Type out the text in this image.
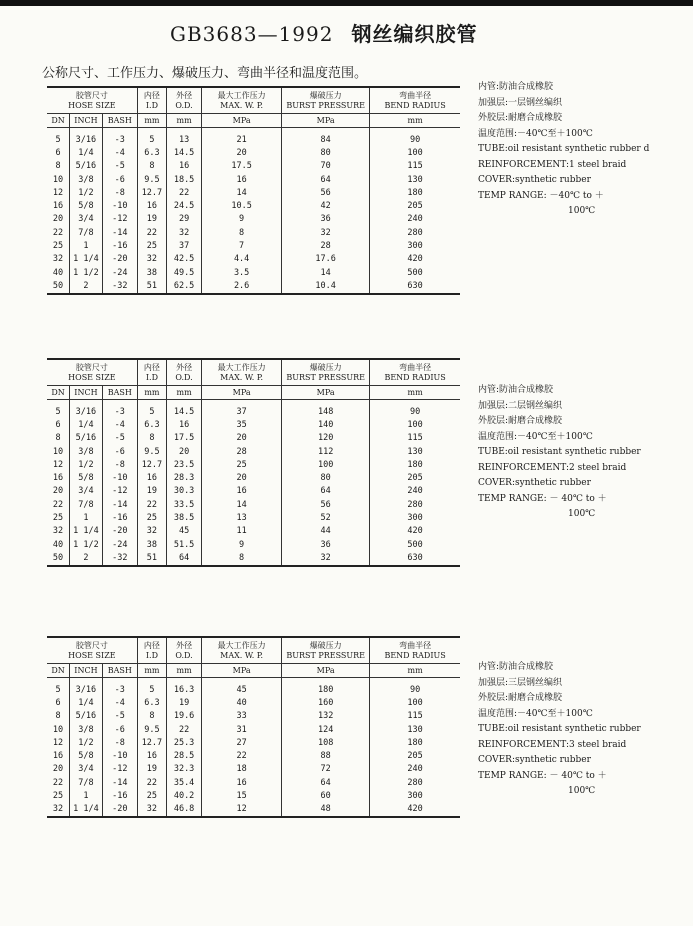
GB3683—1992 钢丝编织胶管
公称尺寸、工作压力、爆破压力、弯曲半径和温度范围。
胶管尺寸			内径	外径	最大工作压力	爆破压力	弯曲半径
HOSE SIZE			I.D	O.D.	MAX. W. P.	BURST PRESSURE	BEND RADIUS
DN	INCH	BASH	mm	mm	MPa	MPa	mm

5	3/16	-3	5	13	21	84	90
6	1/4	-4	6.3	14.5	20	80	100
8	5/16	-5	8	16	17.5	70	115
10	3/8	-6	9.5	18.5	16	64	130
12	1/2	-8	12.7	22	14	56	180
16	5/8	-10	16	24.5	10.5	42	205
20	3/4	-12	19	29	9	36	240
22	7/8	-14	22	32	8	32	280
25	1	-16	25	37	7	28	300
32	1 1/4	-20	32	42.5	4.4	17.6	420
40	1 1/2	-24	38	49.5	3.5	14	500
50	2	-32	51	62.5	2.6	10.4	630
内管:防油合成橡胶
加强层:一层钢丝编织
外胶层:耐磨合成橡胶
温度范围:－40℃至＋100℃
TUBE:oil resistant synthetic rubber d
REINFORCEMENT:1 steel braid
COVER:synthetic rubber
TEMP RANGE: －40℃ to ＋
100℃
胶管尺寸			内径	外径	最大工作压力	爆破压力	弯曲半径
HOSE SIZE			I.D	O.D.	MAX. W. P.	BURST PRESSURE	BEND RADIUS
DN	INCH	BASH	mm	mm	MPa	MPa	mm

5	3/16	-3	5	14.5	37	148	90
6	1/4	-4	6.3	16	35	140	100
8	5/16	-5	8	17.5	20	120	115
10	3/8	-6	9.5	20	28	112	130
12	1/2	-8	12.7	23.5	25	100	180
16	5/8	-10	16	28.3	20	80	205
20	3/4	-12	19	30.3	16	64	240
22	7/8	-14	22	33.5	14	56	280
25	1	-16	25	38.5	13	52	300
32	1 1/4	-20	32	45	11	44	420
40	1 1/2	-24	38	51.5	9	36	500
50	2	-32	51	64	8	32	630
内管:防油合成橡胶
加强层:二层钢丝编织
外胶层:耐磨合成橡胶
温度范围:－40℃至＋100℃
TUBE:oil resistant synthetic rubber
REINFORCEMENT:2 steel braid
COVER:synthetic rubber
TEMP RANGE: － 40℃ to ＋
100℃
胶管尺寸			内径	外径	最大工作压力	爆破压力	弯曲半径
HOSE SIZE			I.D	O.D.	MAX. W. P.	BURST PRESSURE	BEND RADIUS
DN	INCH	BASH	mm	mm	MPa	MPa	mm

5	3/16	-3	5	16.3	45	180	90
6	1/4	-4	6.3	19	40	160	100
8	5/16	-5	8	19.6	33	132	115
10	3/8	-6	9.5	22	31	124	130
12	1/2	-8	12.7	25.3	27	108	180
16	5/8	-10	16	28.5	22	88	205
20	3/4	-12	19	32.3	18	72	240
22	7/8	-14	22	35.4	16	64	280
25	1	-16	25	40.2	15	60	300
32	1 1/4	-20	32	46.8	12	48	420
内管:防油合成橡胶
加强层:三层钢丝编织
外胶层:耐磨合成橡胶
温度范围:－40℃至＋100℃
TUBE:oil resistant synthetic rubber
REINFORCEMENT:3 steel braid
COVER:synthetic rubber
TEMP RANGE: － 40℃ to ＋
100℃
